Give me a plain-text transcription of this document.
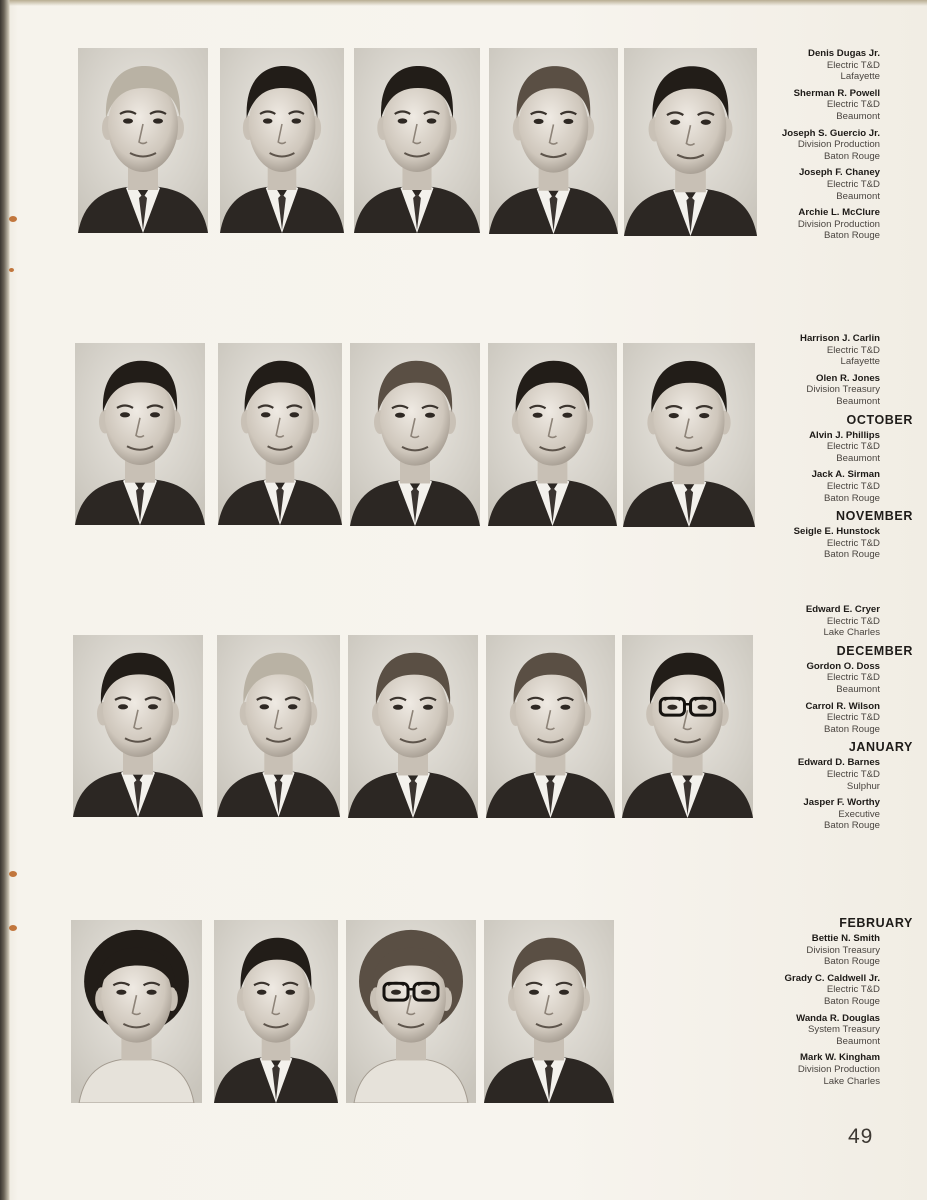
Denis Dugas Jr.
Electric T&D
Lafayette
Sherman R. Powell
Electric T&D
Beaumont
Joseph S. Guercio Jr.
Division Production
Baton Rouge
Joseph F. Chaney
Electric T&D
Beaumont
Archie L. McClure
Division Production
Baton Rouge
Harrison J. Carlin
Electric T&D
Lafayette
Olen R. Jones
Division Treasury
Beaumont
OCTOBER
Alvin J. Phillips
Electric T&D
Beaumont
Jack A. Sirman
Electric T&D
Baton Rouge
NOVEMBER
Seigle E. Hunstock
Electric T&D
Baton Rouge
Edward E. Cryer
Electric T&D
Lake Charles
DECEMBER
Gordon O. Doss
Electric T&D
Beaumont
Carrol R. Wilson
Electric T&D
Baton Rouge
JANUARY
Edward D. Barnes
Electric T&D
Sulphur
Jasper F. Worthy
Executive
Baton Rouge
FEBRUARY
Bettie N. Smith
Division Treasury
Baton Rouge
Grady C. Caldwell Jr.
Electric T&D
Baton Rouge
Wanda R. Douglas
System Treasury
Beaumont
Mark W. Kingham
Division Production
Lake Charles
49
